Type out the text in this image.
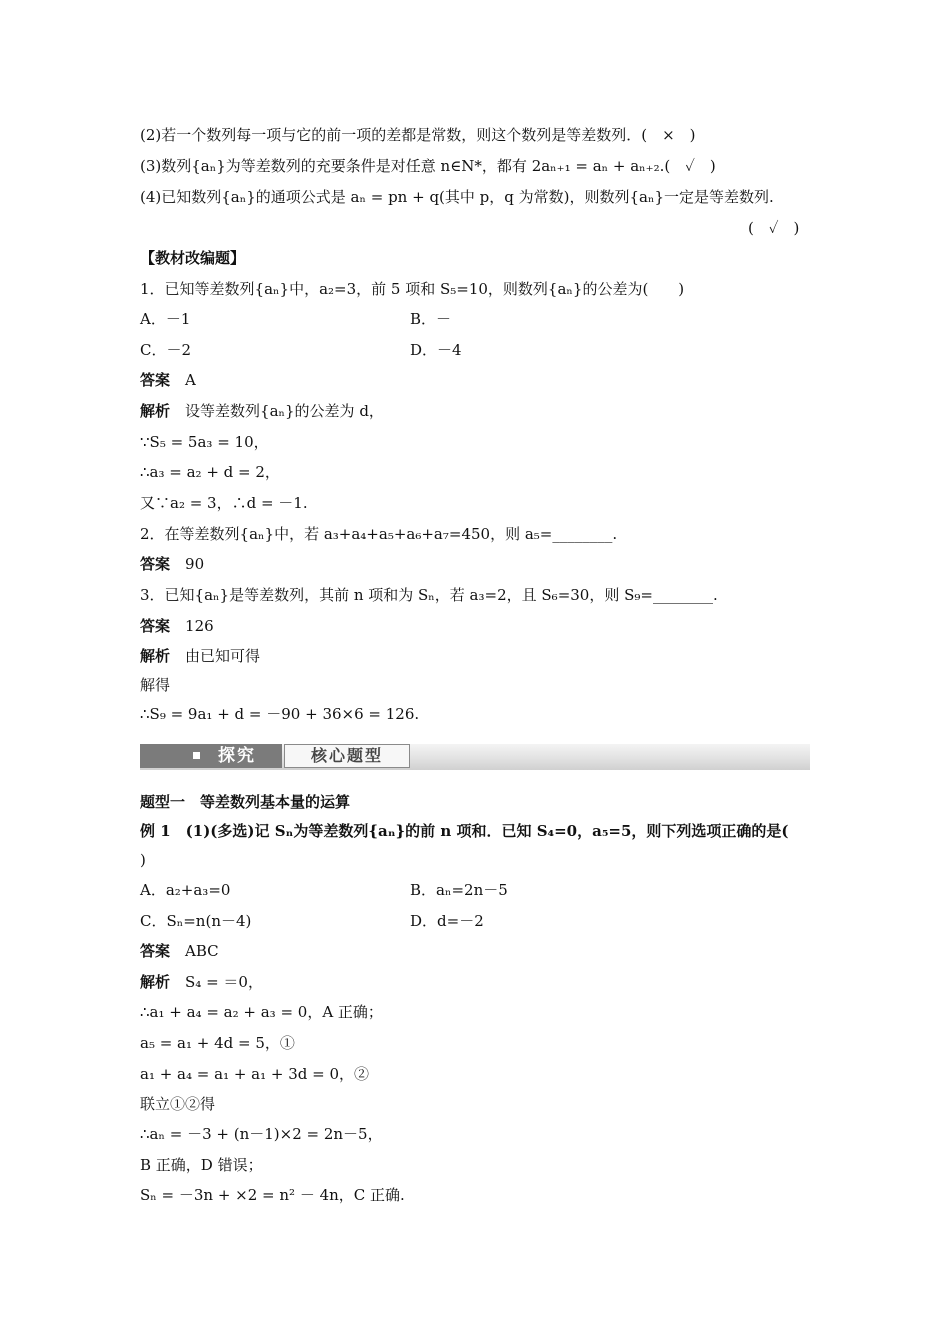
(2)若一个数列每一项与它的前一项的差都是常数，则这个数列是等差数列．(　×　)
(3)数列{aₙ}为等差数列的充要条件是对任意 n∈N*，都有 2aₙ₊₁ = aₙ + aₙ₊₂.(　✓　)
(4)已知数列{aₙ}的通项公式是 aₙ = pn + q(其中 p，q 为常数)，则数列{aₙ}一定是等差数列.
(　✓　)
【教材改编题】
1．已知等差数列{aₙ}中，a₂=3，前 5 项和 S₅=10，则数列{aₙ}的公差为(　　)
A．－1	B．－
C．－2	D．－4
答案　 A
解析　 设等差数列{aₙ}的公差为 d，
∵S₅ = 5a₃ = 10，
∴a₃ = a₂ + d = 2，
又∵a₂ = 3，∴d = －1.
2．在等差数列{aₙ}中，若 a₃+a₄+a₅+a₆+a₇=450，则 a₅=________.
答案　 90
3．已知{aₙ}是等差数列，其前 n 项和为 Sₙ，若 a₃=2，且 S₆=30，则 S₉=________.
答案　 126
解析　 由已知可得
解得
∴S₉ = 9a₁ + d = －90 + 36×6 = 126.
探究	核心题型
题型一　等差数列基本量的运算
例 1　(1)(多选)记 Sₙ为等差数列{aₙ}的前 n 项和．已知 S₄=0，a₅=5，则下列选项正确的是(
)
A．a₂+a₃=0	B．aₙ=2n－5
C．Sₙ=n(n－4)	D．d=－2
答案　 ABC
解析　 S₄ = ＝0，
∴a₁ + a₄ = a₂ + a₃ = 0，A 正确；
a₅ = a₁ + 4d = 5，①
a₁ + a₄ = a₁ + a₁ + 3d = 0，②
联立①②得
∴aₙ = －3 + (n－1)×2 = 2n－5，
B 正确，D 错误；
Sₙ = －3n + ×2 = n² － 4n，C 正确.
